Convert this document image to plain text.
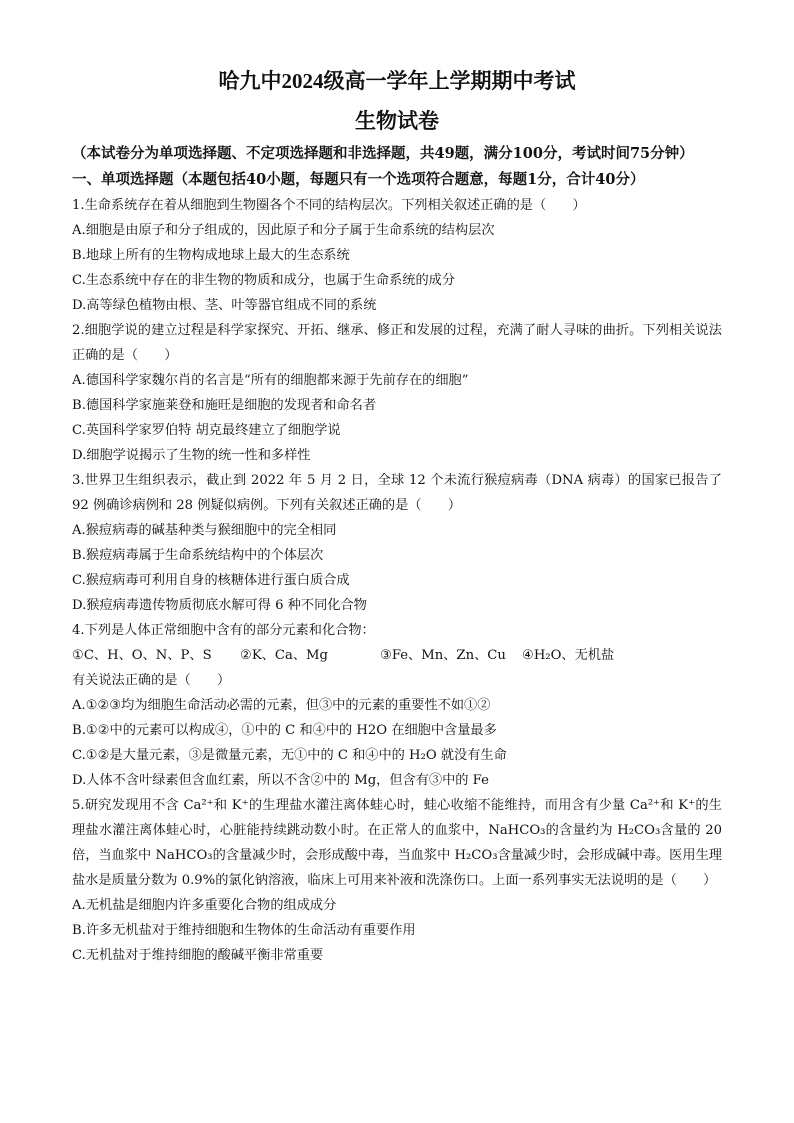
哈九中2024级高一学年上学期期中考试
生物试卷
（本试卷分为单项选择题、不定项选择题和非选择题，共49题，满分100分，考试时间75分钟）
一、单项选择题（本题包括40小题，每题只有一个选项符合题意，每题1分，合计40分）
1.生命系统存在着从细胞到生物圈各个不同的结构层次。下列相关叙述正确的是（　　）
A.细胞是由原子和分子组成的，因此原子和分子属于生命系统的结构层次
B.地球上所有的生物构成地球上最大的生态系统
C.生态系统中存在的非生物的物质和成分，也属于生命系统的成分
D.高等绿色植物由根、茎、叶等器官组成不同的系统
2.细胞学说的建立过程是科学家探究、开拓、继承、修正和发展的过程，充满了耐人寻味的曲折。下列相关说法正确的是（　　）
A.德国科学家魏尔肖的名言是“所有的细胞都来源于先前存在的细胞”
B.德国科学家施莱登和施旺是细胞的发现者和命名者
C.英国科学家罗伯特 胡克最终建立了细胞学说
D.细胞学说揭示了生物的统一性和多样性
3.世界卫生组织表示，截止到 2022 年 5 月 2 日，全球 12 个未流行猴痘病毒（DNA 病毒）的国家已报告了 92 例确诊病例和 28 例疑似病例。下列有关叙述正确的是（　　）
A.猴痘病毒的碱基种类与猴细胞中的完全相同
B.猴痘病毒属于生命系统结构中的个体层次
C.猴痘病毒可利用自身的核糖体进行蛋白质合成
D.猴痘病毒遗传物质彻底水解可得 6 种不同化合物
4.下列是人体正常细胞中含有的部分元素和化合物：
①C、H、O、N、P、S ②K、Ca、Mg	③Fe、Mn、Zn、Cu ④H₂O、无机盐
有关说法正确的是（　　）
A.①②③均为细胞生命活动必需的元素，但③中的元素的重要性不如①②
B.①②中的元素可以构成④，①中的 C 和④中的 H2O 在细胞中含量最多
C.①②是大量元素，③是微量元素，无①中的 C 和④中的 H₂O 就没有生命
D.人体不含叶绿素但含血红素，所以不含②中的 Mg，但含有③中的 Fe
5.研究发现用不含 Ca²⁺和 K⁺的生理盐水灌注离体蛙心时，蛙心收缩不能维持，而用含有少量 Ca²⁺和 K⁺的生理盐水灌注离体蛙心时，心脏能持续跳动数小时。在正常人的血浆中，NaHCO₃的含量约为 H₂CO₃含量的 20 倍，当血浆中 NaHCO₃的含量减少时，会形成酸中毒，当血浆中 H₂CO₃含量减少时，会形成碱中毒。医用生理盐水是质量分数为 0.9%的氯化钠溶液，临床上可用来补液和洗涤伤口。上面一系列事实无法说明的是（　　）
A.无机盐是细胞内许多重要化合物的组成成分
B.许多无机盐对于维持细胞和生物体的生命活动有重要作用
C.无机盐对于维持细胞的酸碱平衡非常重要
